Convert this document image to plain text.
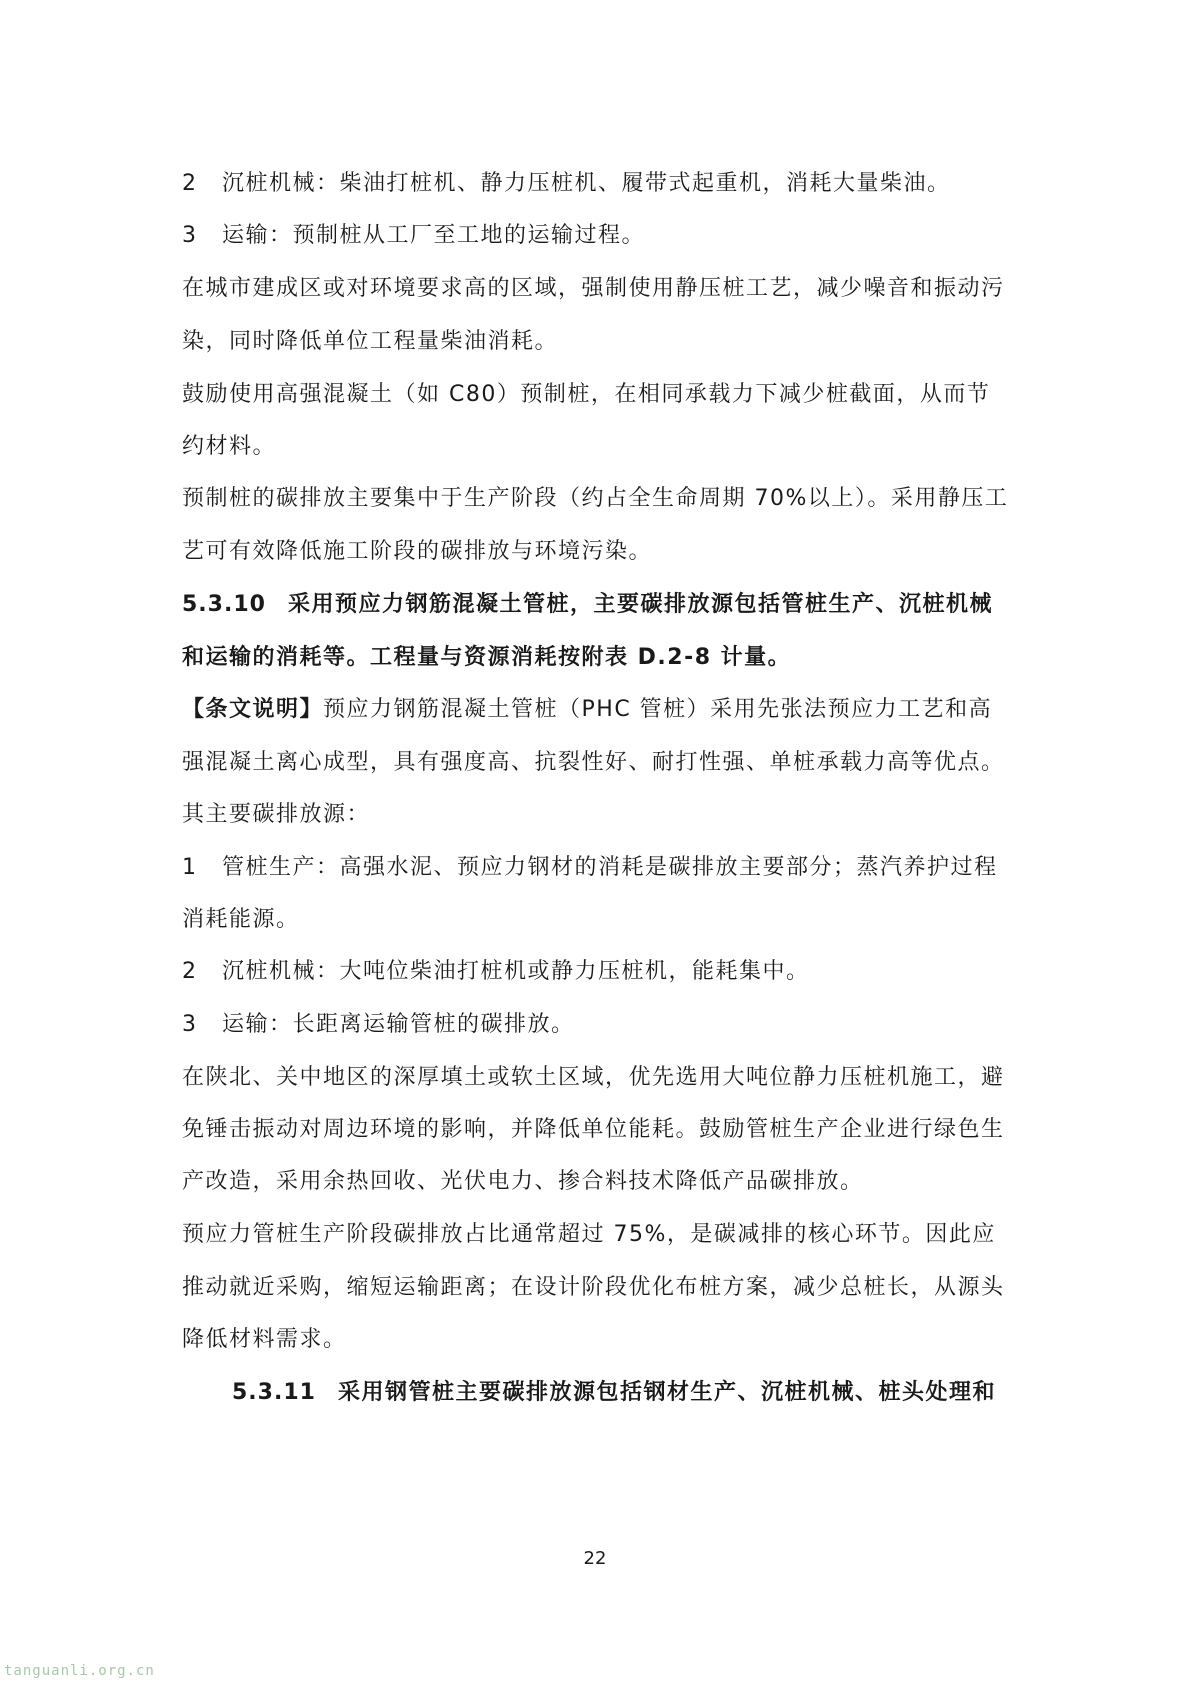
2 沉桩机械：柴油打桩机、静力压桩机、履带式起重机，消耗大量柴油。
3 运输：预制桩从工厂至工地的运输过程。
在城市建成区或对环境要求高的区域，强制使用静压桩工艺，减少噪音和振动污
染，同时降低单位工程量柴油消耗。
鼓励使用高强混凝土（如 C80）预制桩，在相同承载力下减少桩截面，从而节
约材料。
预制桩的碳排放主要集中于生产阶段（约占全生命周期 70%以上）。采用静压工
艺可有效降低施工阶段的碳排放与环境污染。
5.3.10 采用预应力钢筋混凝土管桩，主要碳排放源包括管桩生产、沉桩机械
和运输的消耗等。工程量与资源消耗按附表 D.2-8 计量。
【条文说明】预应力钢筋混凝土管桩（PHC 管桩）采用先张法预应力工艺和高
强混凝土离心成型，具有强度高、抗裂性好、耐打性强、单桩承载力高等优点。
其主要碳排放源：
1 管桩生产：高强水泥、预应力钢材的消耗是碳排放主要部分；蒸汽养护过程
消耗能源。
2 沉桩机械：大吨位柴油打桩机或静力压桩机，能耗集中。
3 运输：长距离运输管桩的碳排放。
在陕北、关中地区的深厚填土或软土区域，优先选用大吨位静力压桩机施工，避
免锤击振动对周边环境的影响，并降低单位能耗。鼓励管桩生产企业进行绿色生
产改造，采用余热回收、光伏电力、掺合料技术降低产品碳排放。
预应力管桩生产阶段碳排放占比通常超过 75%，是碳减排的核心环节。因此应
推动就近采购，缩短运输距离；在设计阶段优化布桩方案，减少总桩长，从源头
降低材料需求。
5.3.11 采用钢管桩主要碳排放源包括钢材生产、沉桩机械、桩头处理和
22
tanguanli.org.cn
